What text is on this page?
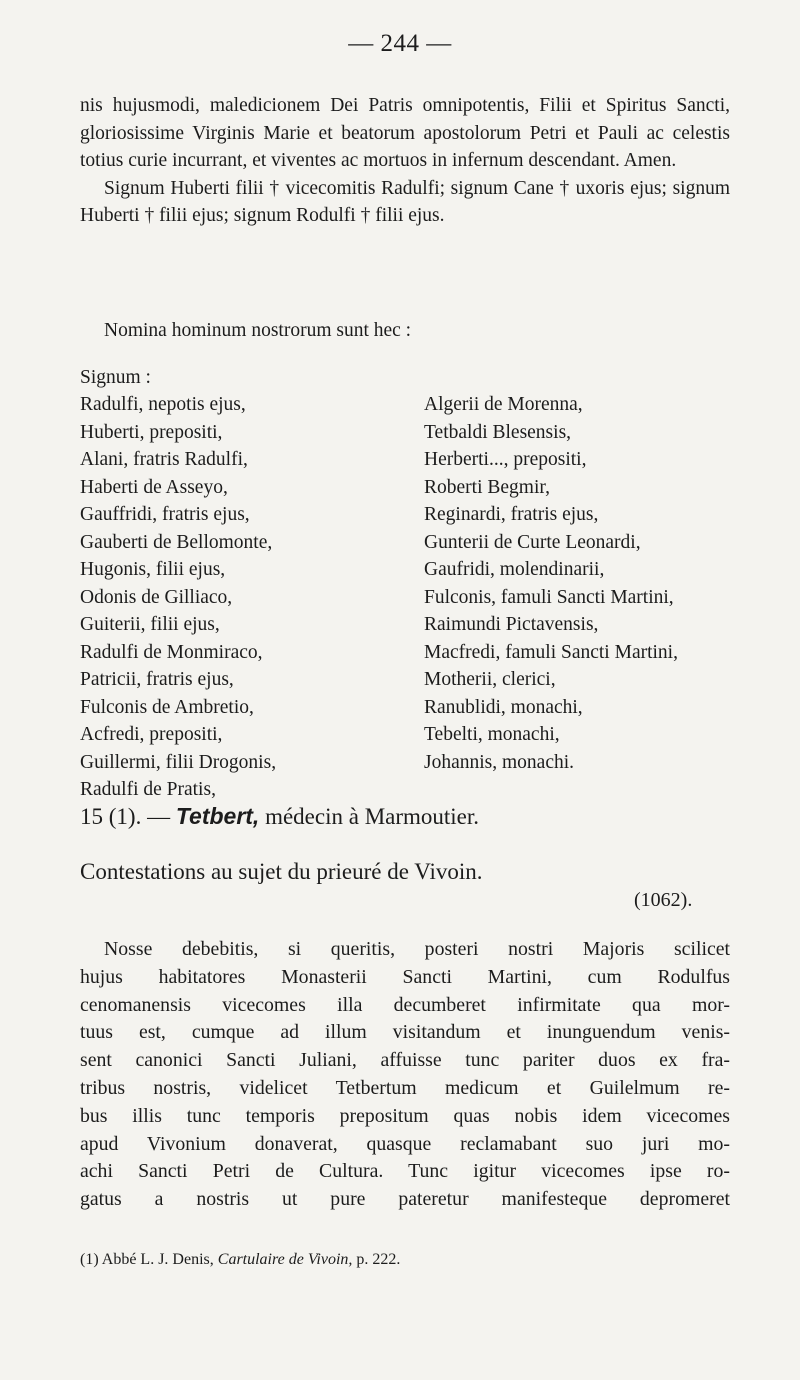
— 244 —

nis hujusmodi, maledicionem Dei Patris omnipotentis, Filii et Spiritus Sancti, gloriosissime Virginis Marie et beatorum apostolorum Petri et Pauli ac celestis totius curie incurrant, et viventes ac mortuos in infernum descendant. Amen.

Signum Huberti filii † vicecomitis Radulfi; signum Cane † uxoris ejus; signum Huberti † filii ejus; signum Rodulfi † filii ejus.

Nomina hominum nostrorum sunt hec :
Signum :
Radulfi, nepotis ejus,
Huberti, prepositi,
Alani, fratris Radulfi,
Haberti de Asseyo,
Gauffridi, fratris ejus,
Gauberti de Bellomonte,
Hugonis, filii ejus,
Odonis de Gilliaco,
Guiterii, filii ejus,
Radulfi de Monmiraco,
Patricii, fratris ejus,
Fulconis de Ambretio,
Acfredi, prepositi,
Guillermi, filii Drogonis,
Radulfi de Pratis,
Algerii de Morenna,
Tetbaldi Blesensis,
Herberti..., prepositi,
Roberti Begmir,
Reginardi, fratris ejus,
Gunterii de Curte Leonardi,
Gaufridi, molendinarii,
Fulconis, famuli Sancti Martini,
Raimundi Pictavensis,
Macfredi, famuli Sancti Martini,
Motherii, clerici,
Ranublidi, monachi,
Tebelti, monachi,
Johannis, monachi.
15 (1). — Tetbert, médecin à Marmoutier.
Contestations au sujet du prieuré de Vivoin.
(1062).
Nosse debebitis, si queritis, posteri nostri Majoris scilicet
hujus habitatores Monasterii Sancti Martini, cum Rodulfus
cenomanensis vicecomes illa decumberet infirmitate qua mor-
tuus est, cumque ad illum visitandum et inunguendum venis-
sent canonici Sancti Juliani, affuisse tunc pariter duos ex fra-
tribus nostris, videlicet Tetbertum medicum et Guilelmum re-
bus illis tunc temporis prepositum quas nobis idem vicecomes
apud Vivonium donaverat, quasque reclamabant suo juri mo-
achi Sancti Petri de Cultura. Tunc igitur vicecomes ipse ro-
gatus a nostris ut pure pateretur manifesteque depromeret
(1) Abbé L. J. Denis, Cartulaire de Vivoin, p. 222.
